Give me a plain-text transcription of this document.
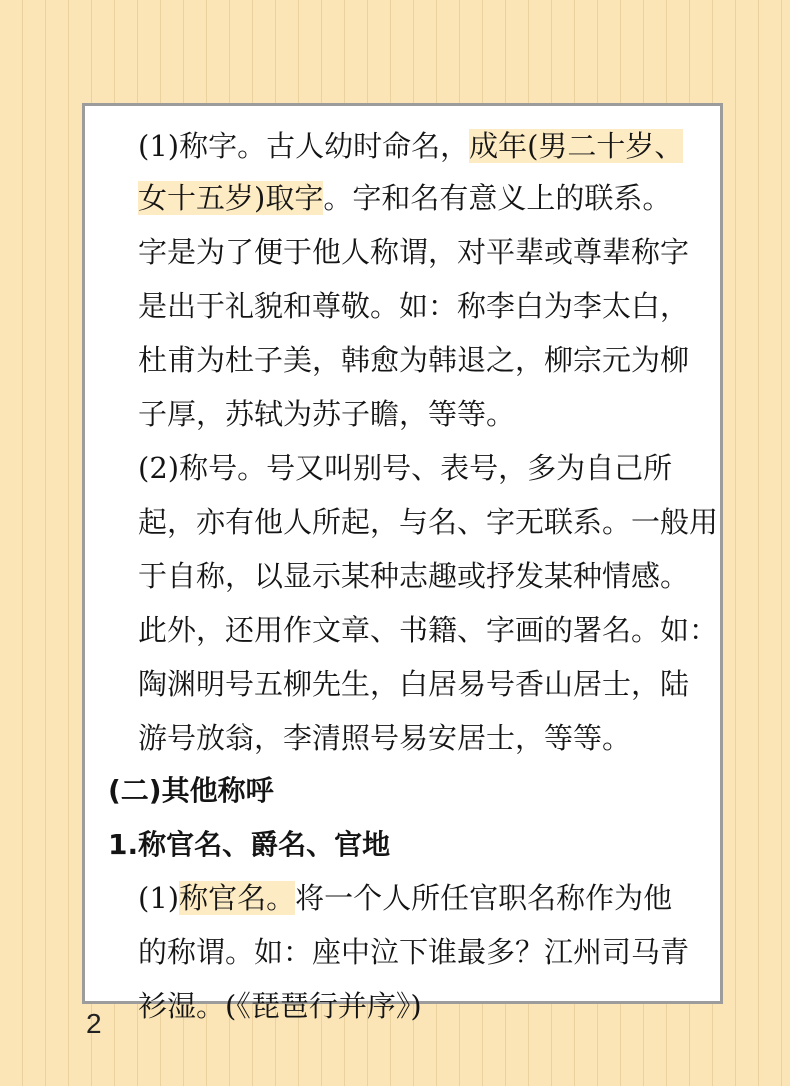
(1)称字。古人幼时命名，成年(男二十岁、
女十五岁)取字。字和名有意义上的联系。
字是为了便于他人称谓，对平辈或尊辈称字
是出于礼貌和尊敬。如：称李白为李太白，
杜甫为杜子美，韩愈为韩退之，柳宗元为柳
子厚，苏轼为苏子瞻，等等。
(2)称号。号又叫别号、表号，多为自己所
起，亦有他人所起，与名、字无联系。一般用
于自称，以显示某种志趣或抒发某种情感。
此外，还用作文章、书籍、字画的署名。如：
陶渊明号五柳先生，白居易号香山居士，陆
游号放翁，李清照号易安居士，等等。
(二)其他称呼
1.称官名、爵名、官地
(1)称官名。将一个人所任官职名称作为他
的称谓。如：座中泣下谁最多？江州司马青
衫湿。(《琵琶行并序》)
2
